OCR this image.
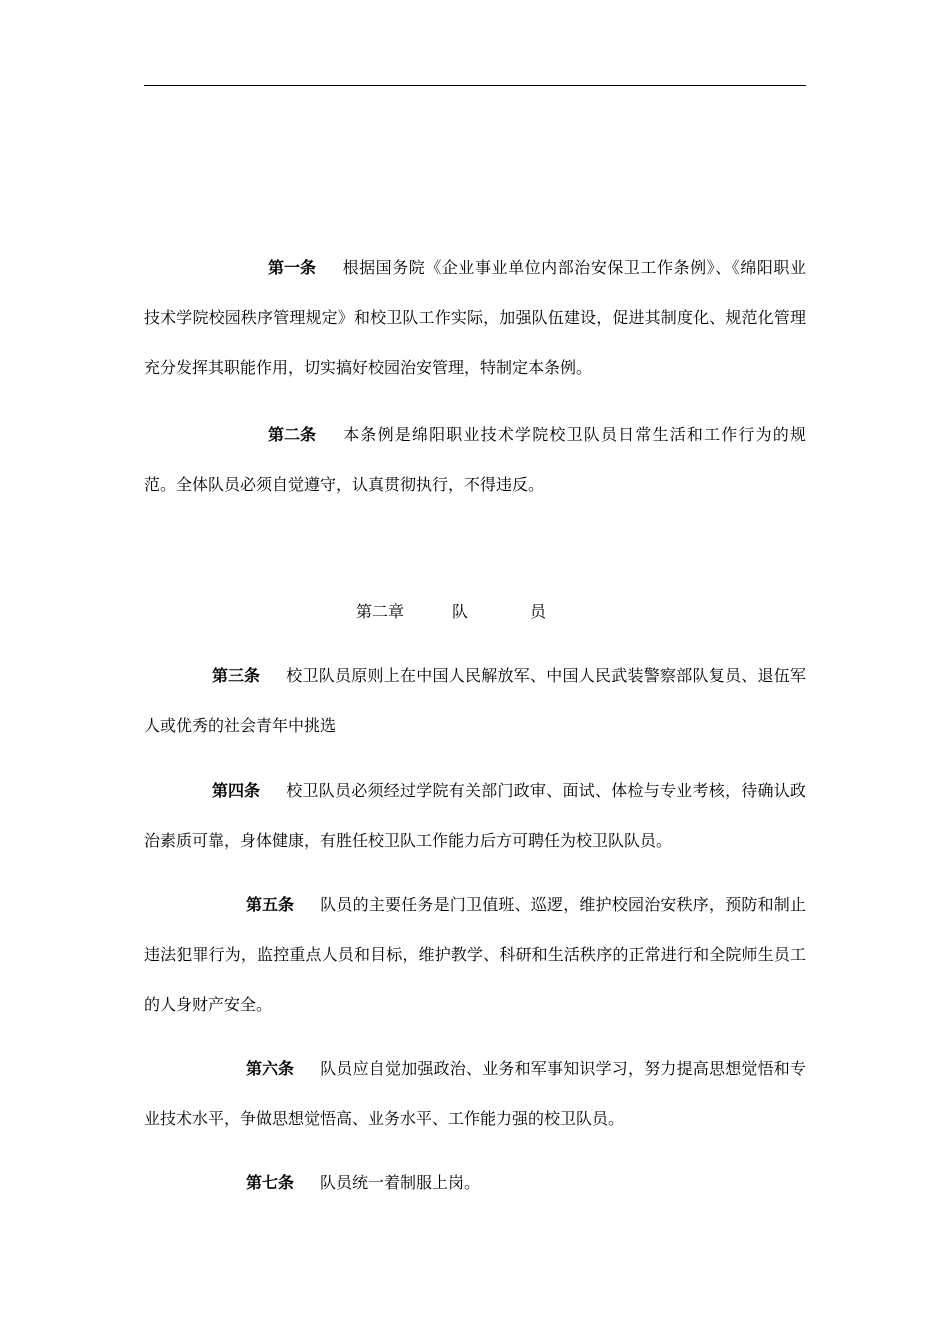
第一条 根据国务院《企业事业单位内部治安保卫工作条例》、《绵阳职业技术学院校园秩序管理规定》和校卫队工作实际，加强队伍建设，促进其制度化、规范化管理充分发挥其职能作用，切实搞好校园治安管理，特制定本条例。

第二条 本条例是绵阳职业技术学院校卫队员日常生活和工作行为的规范。全体队员必须自觉遵守，认真贯彻执行，不得违反。

第二章	队	员

第三条 校卫队员原则上在中国人民解放军、中国人民武装警察部队复员、退伍军人或优秀的社会青年中挑选

第四条 校卫队员必须经过学院有关部门政审、面试、体检与专业考核，待确认政治素质可靠，身体健康，有胜任校卫队工作能力后方可聘任为校卫队队员。

第五条 队员的主要任务是门卫值班、巡逻，维护校园治安秩序，预防和制止违法犯罪行为，监控重点人员和目标，维护教学、科研和生活秩序的正常进行和全院师生员工的人身财产安全。

第六条 队员应自觉加强政治、业务和军事知识学习，努力提高思想觉悟和专业技术水平，争做思想觉悟高、业务水平、工作能力强的校卫队员。

第七条 队员统一着制服上岗。
